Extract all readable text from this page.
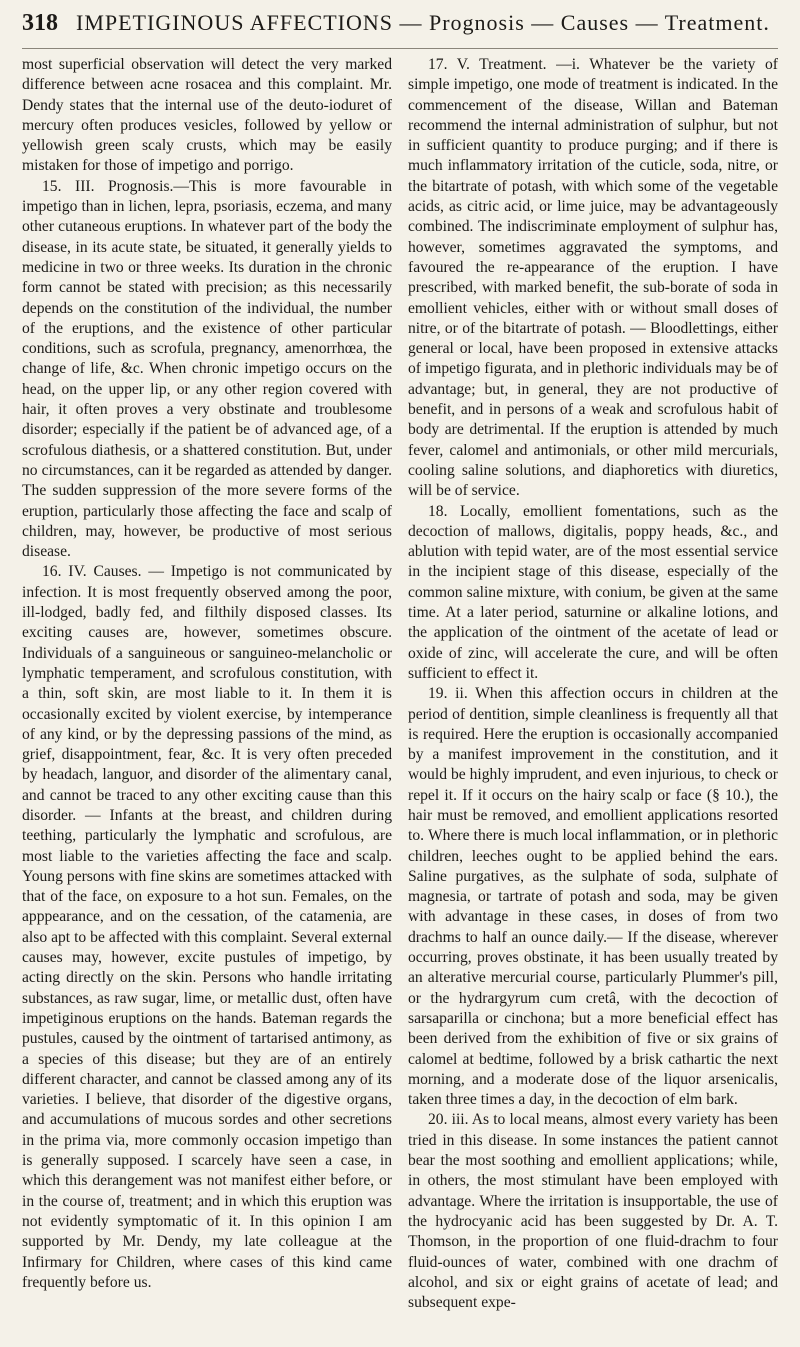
318 IMPETIGINOUS AFFECTIONS — Prognosis — Causes — Treatment.

most superficial observation will detect the very marked difference between acne rosacea and this complaint. Mr. Dendy states that the internal use of the deuto-ioduret of mercury often produces vesicles, followed by yellow or yellowish green scaly crusts, which may be easily mistaken for those of impetigo and porrigo.

15. III. Prognosis.—This is more favourable in impetigo than in lichen, lepra, psoriasis, eczema, and many other cutaneous eruptions. In whatever part of the body the disease, in its acute state, be situated, it generally yields to medicine in two or three weeks. Its duration in the chronic form cannot be stated with precision; as this necessarily depends on the constitution of the individual, the number of the eruptions, and the existence of other particular conditions, such as scrofula, pregnancy, amenorrhœa, the change of life, &c. When chronic impetigo occurs on the head, on the upper lip, or any other region covered with hair, it often proves a very obstinate and troublesome disorder; especially if the patient be of advanced age, of a scrofulous diathesis, or a shattered constitution. But, under no circumstances, can it be regarded as attended by danger. The sudden suppression of the more severe forms of the eruption, particularly those affecting the face and scalp of children, may, however, be productive of most serious disease.

16. IV. Causes. — Impetigo is not communicated by infection. It is most frequently observed among the poor, ill-lodged, badly fed, and filthily disposed classes. Its exciting causes are, however, sometimes obscure. Individuals of a sanguineous or sanguineo-melancholic or lymphatic temperament, and scrofulous constitution, with a thin, soft skin, are most liable to it. In them it is occasionally excited by violent exercise, by intemperance of any kind, or by the depressing passions of the mind, as grief, disappointment, fear, &c. It is very often preceded by headach, languor, and disorder of the alimentary canal, and cannot be traced to any other exciting cause than this disorder. — Infants at the breast, and children during teething, particularly the lymphatic and scrofulous, are most liable to the varieties affecting the face and scalp. Young persons with fine skins are sometimes attacked with that of the face, on exposure to a hot sun. Females, on the apppearance, and on the cessation, of the catamenia, are also apt to be affected with this complaint. Several external causes may, however, excite pustules of impetigo, by acting directly on the skin. Persons who handle irritating substances, as raw sugar, lime, or metallic dust, often have impetiginous eruptions on the hands. Bateman regards the pustules, caused by the ointment of tartarised antimony, as a species of this disease; but they are of an entirely different character, and cannot be classed among any of its varieties. I believe, that disorder of the digestive organs, and accumulations of mucous sordes and other secretions in the prima via, more commonly occasion impetigo than is generally supposed. I scarcely have seen a case, in which this derangement was not manifest either before, or in the course of, treatment; and in which this eruption was not evidently symptomatic of it. In this opinion I am supported by Mr. Dendy, my late colleague at the Infirmary for Children, where cases of this kind came frequently before us.

17. V. Treatment. —i. Whatever be the variety of simple impetigo, one mode of treatment is indicated. In the commencement of the disease, Willan and Bateman recommend the internal administration of sulphur, but not in sufficient quantity to produce purging; and if there is much inflammatory irritation of the cuticle, soda, nitre, or the bitartrate of potash, with which some of the vegetable acids, as citric acid, or lime juice, may be advantageously combined. The indiscriminate employment of sulphur has, however, sometimes aggravated the symptoms, and favoured the re-appearance of the eruption. I have prescribed, with marked benefit, the sub-borate of soda in emollient vehicles, either with or without small doses of nitre, or of the bitartrate of potash. — Bloodlettings, either general or local, have been proposed in extensive attacks of impetigo figurata, and in plethoric individuals may be of advantage; but, in general, they are not productive of benefit, and in persons of a weak and scrofulous habit of body are detrimental. If the eruption is attended by much fever, calomel and antimonials, or other mild mercurials, cooling saline solutions, and diaphoretics with diuretics, will be of service.

18. Locally, emollient fomentations, such as the decoction of mallows, digitalis, poppy heads, &c., and ablution with tepid water, are of the most essential service in the incipient stage of this disease, especially of the common saline mixture, with conium, be given at the same time. At a later period, saturnine or alkaline lotions, and the application of the ointment of the acetate of lead or oxide of zinc, will accelerate the cure, and will be often sufficient to effect it.

19. ii. When this affection occurs in children at the period of dentition, simple cleanliness is frequently all that is required. Here the eruption is occasionally accompanied by a manifest improvement in the constitution, and it would be highly imprudent, and even injurious, to check or repel it. If it occurs on the hairy scalp or face (§ 10.), the hair must be removed, and emollient applications resorted to. Where there is much local inflammation, or in plethoric children, leeches ought to be applied behind the ears. Saline purgatives, as the sulphate of soda, sulphate of magnesia, or tartrate of potash and soda, may be given with advantage in these cases, in doses of from two drachms to half an ounce daily.— If the disease, wherever occurring, proves obstinate, it has been usually treated by an alterative mercurial course, particularly Plummer's pill, or the hydrargyrum cum cretâ, with the decoction of sarsaparilla or cinchona; but a more beneficial effect has been derived from the exhibition of five or six grains of calomel at bedtime, followed by a brisk cathartic the next morning, and a moderate dose of the liquor arsenicalis, taken three times a day, in the decoction of elm bark.

20. iii. As to local means, almost every variety has been tried in this disease. In some instances the patient cannot bear the most soothing and emollient applications; while, in others, the most stimulant have been employed with advantage. Where the irritation is insupportable, the use of the hydrocyanic acid has been suggested by Dr. A. T. Thomson, in the proportion of one fluid-drachm to four fluid-ounces of water, combined with one drachm of alcohol, and six or eight grains of acetate of lead; and subsequent expe-
